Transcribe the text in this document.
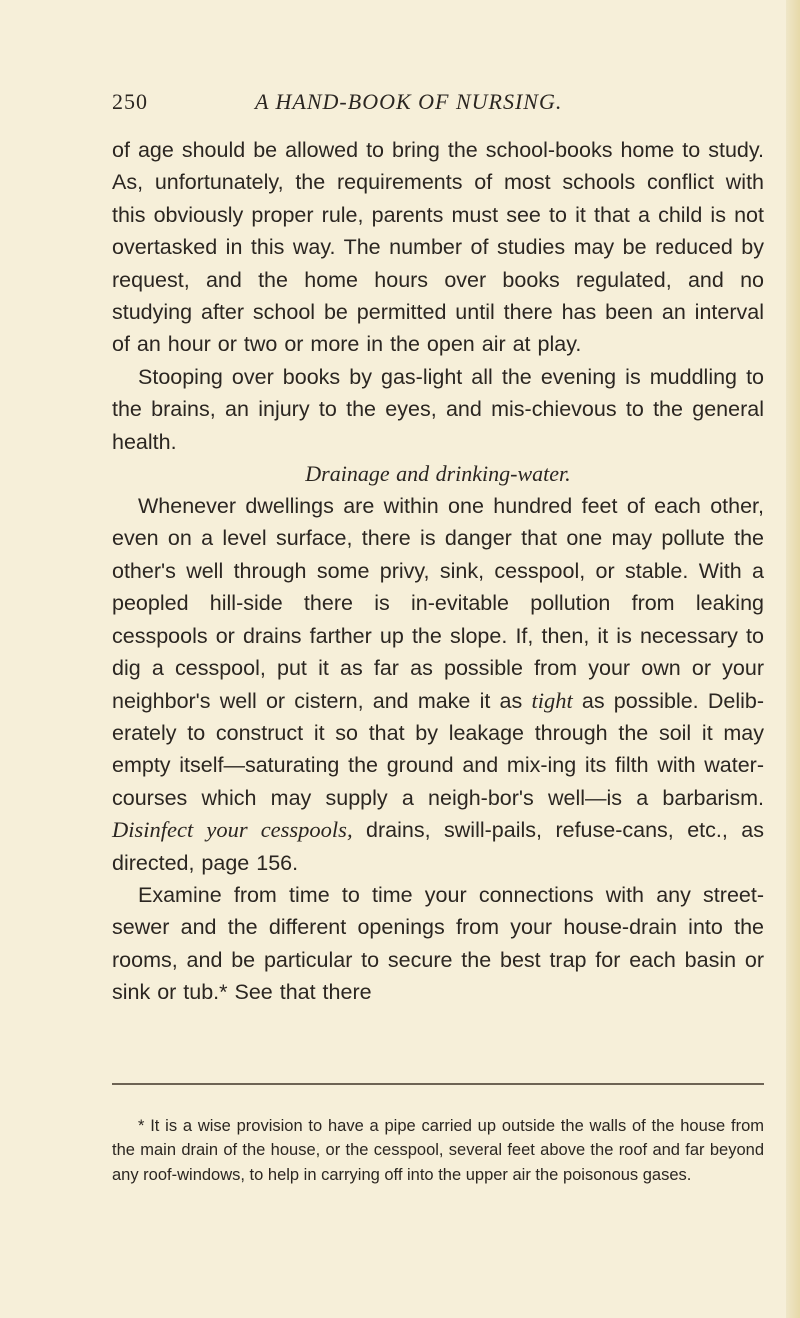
250	A HAND-BOOK OF NURSING.

of age should be allowed to bring the school-books home to study. As, unfortunately, the requirements of most schools conflict with this obviously proper rule, parents must see to it that a child is not overtasked in this way. The number of studies may be reduced by request, and the home hours over books regulated, and no studying after school be permitted until there has been an interval of an hour or two or more in the open air at play.

Stooping over books by gas-light all the evening is muddling to the brains, an injury to the eyes, and mis-chievous to the general health.

Drainage and drinking-water.

Whenever dwellings are within one hundred feet of each other, even on a level surface, there is danger that one may pollute the other's well through some privy, sink, cesspool, or stable. With a peopled hill-side there is in-evitable pollution from leaking cesspools or drains farther up the slope. If, then, it is necessary to dig a cesspool, put it as far as possible from your own or your neighbor's well or cistern, and make it as tight as possible. Delib-erately to construct it so that by leakage through the soil it may empty itself—saturating the ground and mix-ing its filth with water-courses which may supply a neigh-bor's well—is a barbarism. Disinfect your cesspools, drains, swill-pails, refuse-cans, etc., as directed, page 156.

Examine from time to time your connections with any street-sewer and the different openings from your house-drain into the rooms, and be particular to secure the best trap for each basin or sink or tub.* See that there

* It is a wise provision to have a pipe carried up outside the walls of the house from the main drain of the house, or the cesspool, several feet above the roof and far beyond any roof-windows, to help in carrying off into the upper air the poisonous gases.
